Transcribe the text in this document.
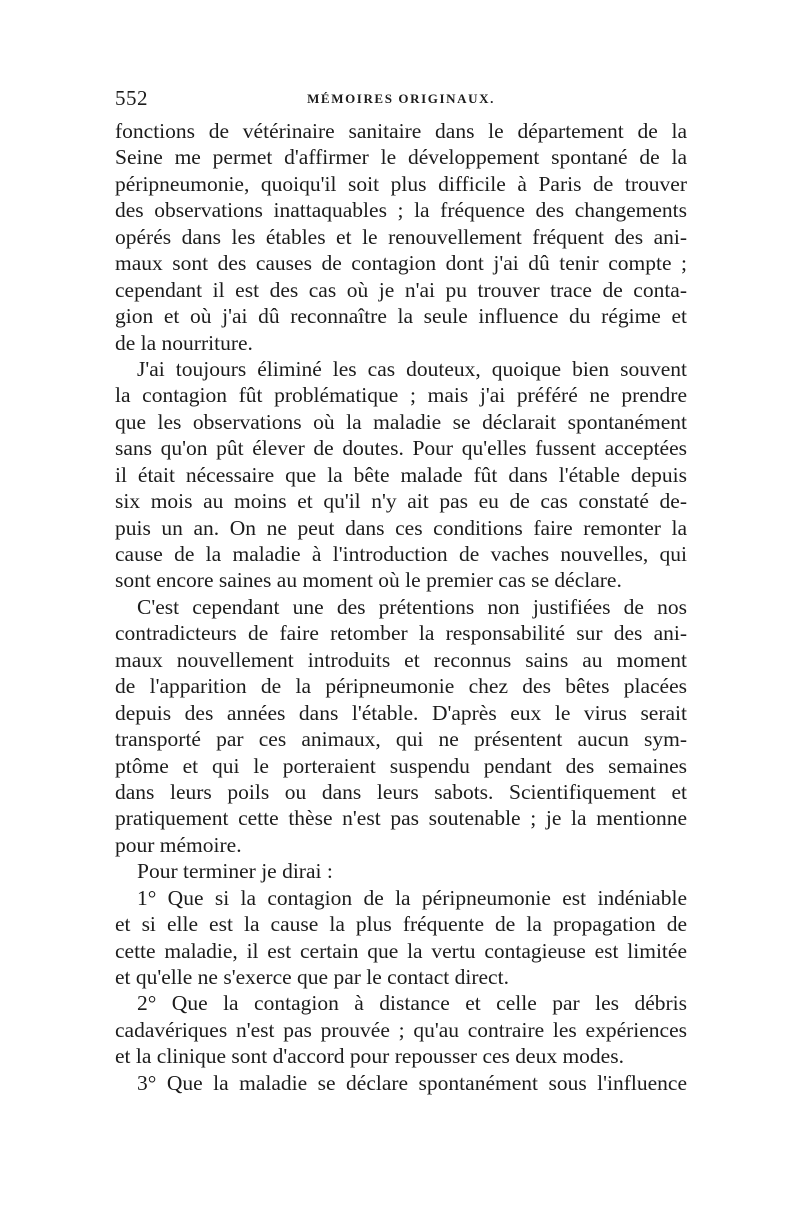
552	MÉMOIRES ORIGINAUX.
fonctions de vétérinaire sanitaire dans le département de la
Seine me permet d'affirmer le développement spontané de la
péripneumonie, quoiqu'il soit plus difficile à Paris de trouver
des observations inattaquables ; la fréquence des changements
opérés dans les étables et le renouvellement fréquent des ani-
maux sont des causes de contagion dont j'ai dû tenir compte ;
cependant il est des cas où je n'ai pu trouver trace de conta-
gion et où j'ai dû reconnaître la seule influence du régime et
de la nourriture.
J'ai toujours éliminé les cas douteux, quoique bien souvent
la contagion fût problématique ; mais j'ai préféré ne prendre
que les observations où la maladie se déclarait spontanément
sans qu'on pût élever de doutes. Pour qu'elles fussent acceptées
il était nécessaire que la bête malade fût dans l'étable depuis
six mois au moins et qu'il n'y ait pas eu de cas constaté de-
puis un an. On ne peut dans ces conditions faire remonter la
cause de la maladie à l'introduction de vaches nouvelles, qui
sont encore saines au moment où le premier cas se déclare.
C'est cependant une des prétentions non justifiées de nos
contradicteurs de faire retomber la responsabilité sur des ani-
maux nouvellement introduits et reconnus sains au moment
de l'apparition de la péripneumonie chez des bêtes placées
depuis des années dans l'étable. D'après eux le virus serait
transporté par ces animaux, qui ne présentent aucun sym-
ptôme et qui le porteraient suspendu pendant des semaines
dans leurs poils ou dans leurs sabots. Scientifiquement et
pratiquement cette thèse n'est pas soutenable ; je la mentionne
pour mémoire.
Pour terminer je dirai :
1° Que si la contagion de la péripneumonie est indéniable
et si elle est la cause la plus fréquente de la propagation de
cette maladie, il est certain que la vertu contagieuse est limitée
et qu'elle ne s'exerce que par le contact direct.
2° Que la contagion à distance et celle par les débris
cadavériques n'est pas prouvée ; qu'au contraire les expériences
et la clinique sont d'accord pour repousser ces deux modes.
3° Que la maladie se déclare spontanément sous l'influence
